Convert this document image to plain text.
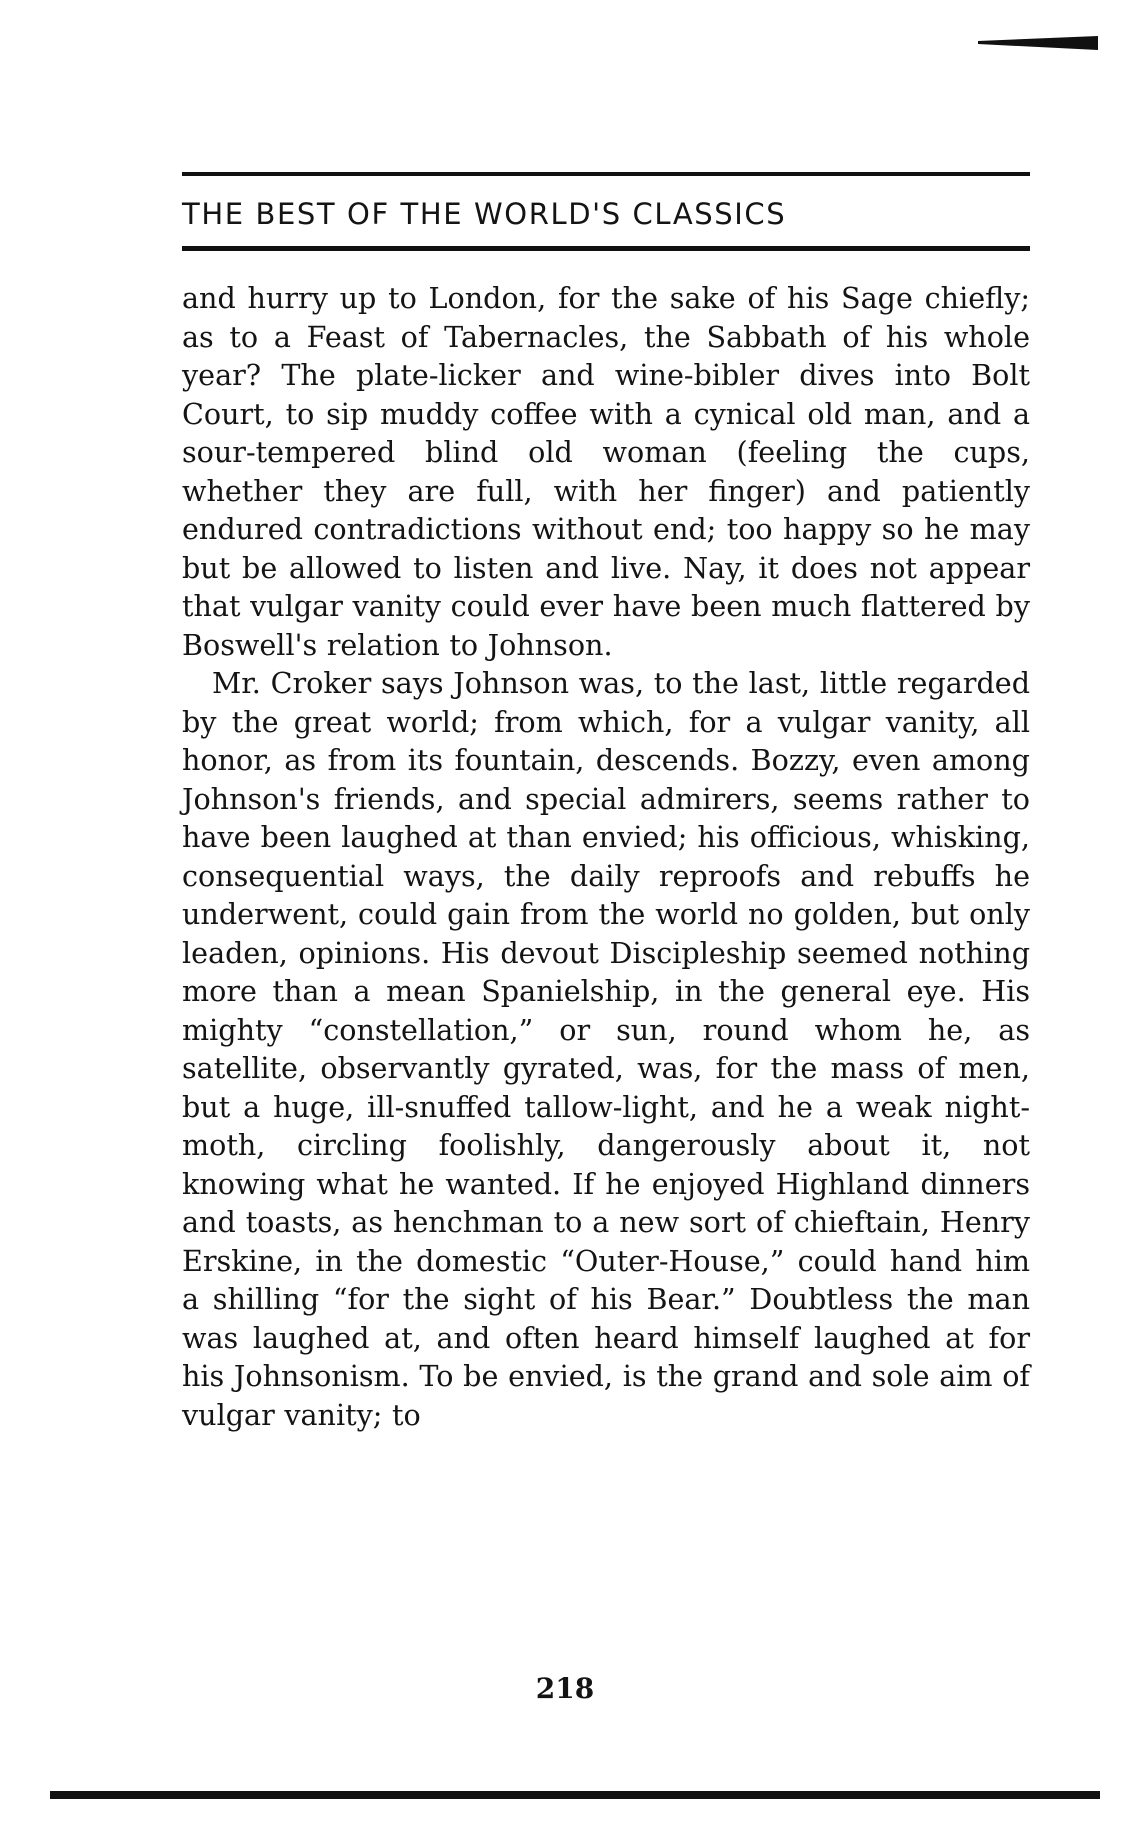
THE BEST OF THE WORLD'S CLASSICS

and hurry up to London, for the sake of his Sage chiefly; as to a Feast of Tabernacles, the Sabbath of his whole year? The plate-licker and wine-bibler dives into Bolt Court, to sip muddy coffee with a cynical old man, and a sour-tempered blind old woman (feeling the cups, whether they are full, with her finger) and patiently endured contradictions without end; too happy so he may but be allowed to listen and live. Nay, it does not appear that vulgar vanity could ever have been much flattered by Boswell's relation to Johnson.

Mr. Croker says Johnson was, to the last, little regarded by the great world; from which, for a vulgar vanity, all honor, as from its fountain, descends. Bozzy, even among Johnson's friends, and special admirers, seems rather to have been laughed at than envied; his officious, whisking, consequential ways, the daily reproofs and rebuffs he underwent, could gain from the world no golden, but only leaden, opinions. His devout Discipleship seemed nothing more than a mean Spanielship, in the general eye. His mighty “constellation,” or sun, round whom he, as satellite, observantly gyrated, was, for the mass of men, but a huge, ill-snuffed tallow-light, and he a weak night-moth, circling foolishly, dangerously about it, not knowing what he wanted. If he enjoyed Highland dinners and toasts, as henchman to a new sort of chieftain, Henry Erskine, in the domestic “Outer-House,” could hand him a shilling “for the sight of his Bear.” Doubtless the man was laughed at, and often heard himself laughed at for his Johnsonism. To be envied, is the grand and sole aim of vulgar vanity; to

218
